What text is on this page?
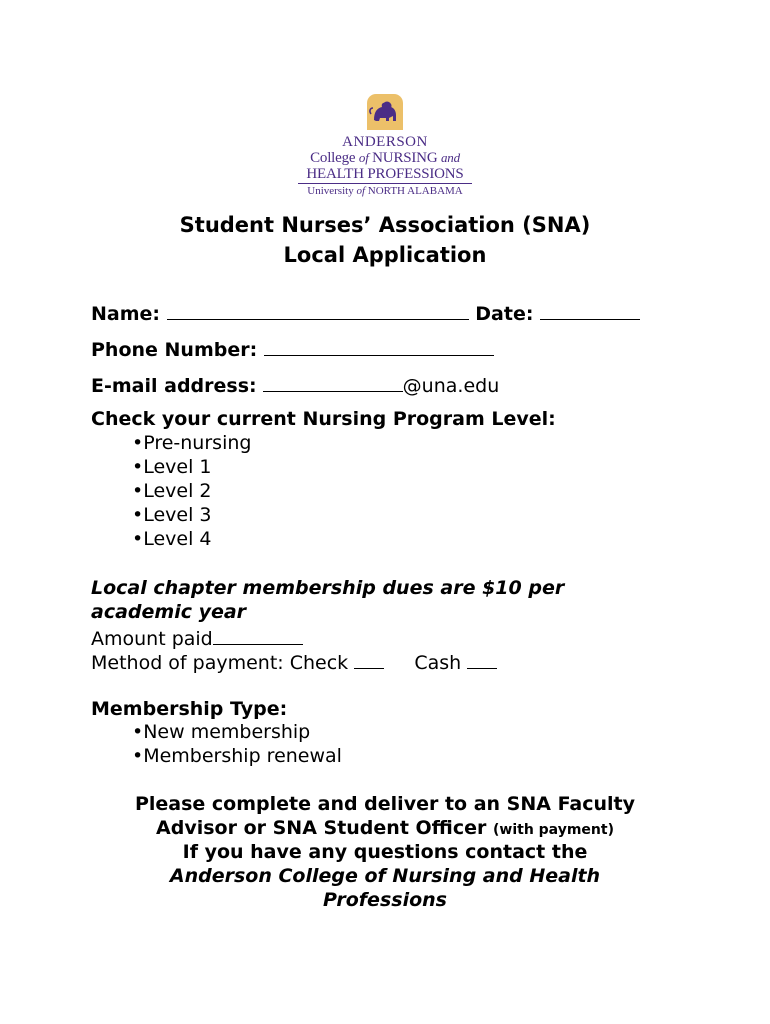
ANDERSON
College of NURSING and
HEALTH PROFESSIONS
University of NORTH ALABAMA
Student Nurses’ Association (SNA)
Local Application
Name:	Date:
Phone Number:
E-mail address:	@una.edu
Check your current Nursing Program Level:
•Pre-nursing
•Level 1
•Level 2
•Level 3
•Level 4
Local chapter membership dues are $10 per
academic year
Amount paid
Method of payment: Check	Cash
Membership Type:
•New membership
•Membership renewal
Please complete and deliver to an SNA Faculty
Advisor or SNA Student Officer (with payment)
If you have any questions contact the
Anderson College of Nursing and Health
Professions
